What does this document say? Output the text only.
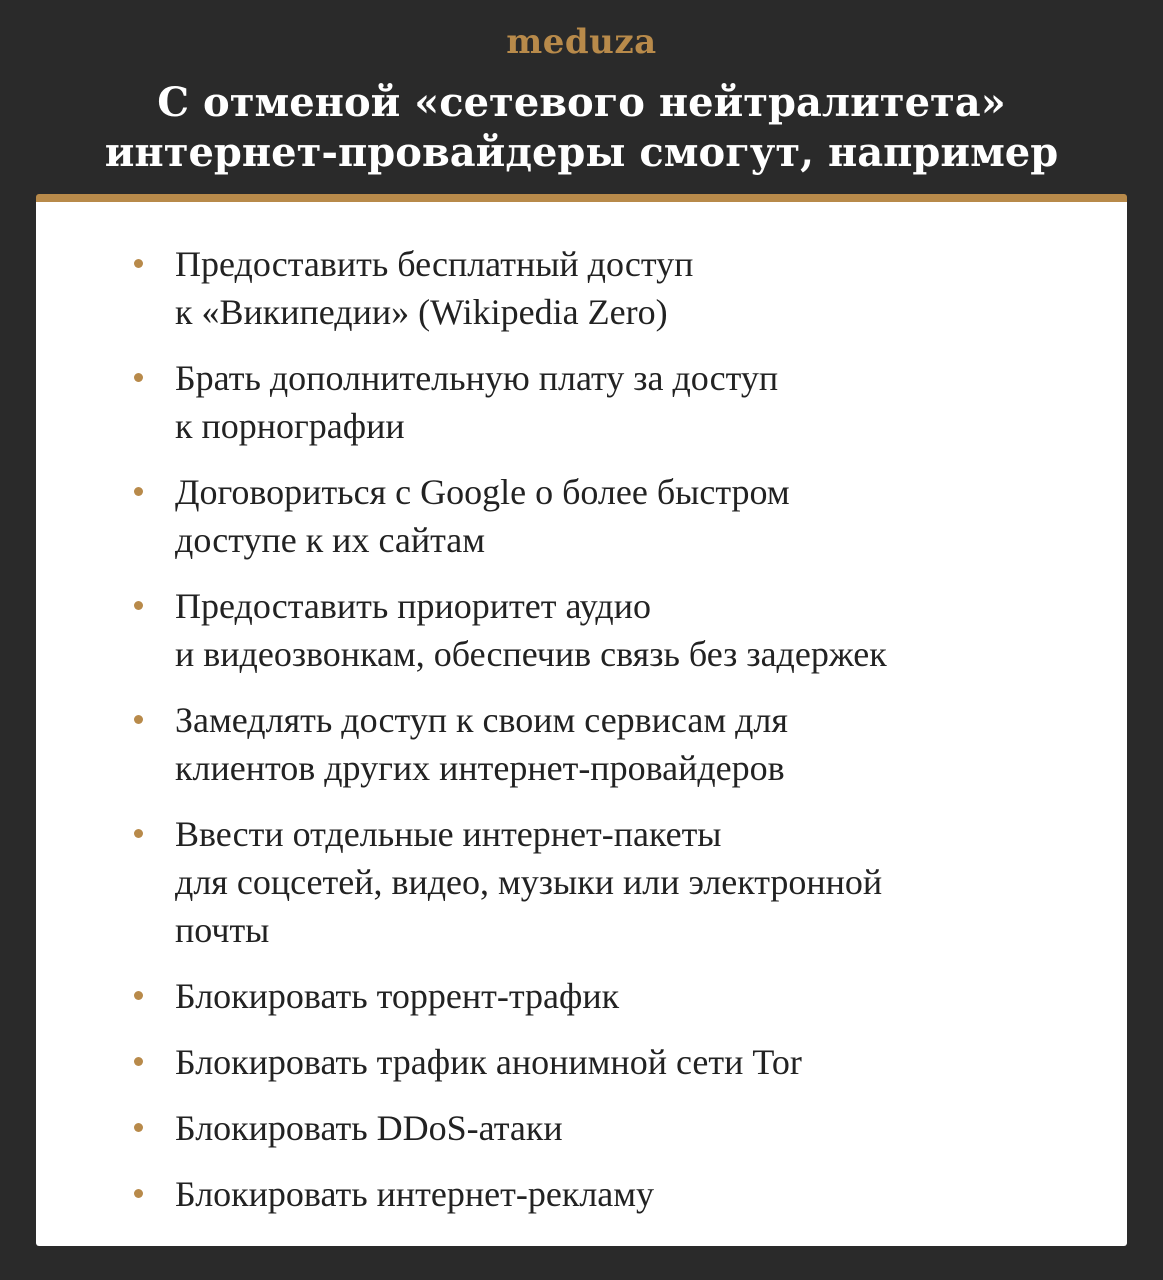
meduza
С отменой «сетевого нейтралитета»
интернет-провайдеры смогут, например
Предоставить бесплатный доступ
к «Википедии» (Wikipedia Zero)
Брать дополнительную плату за доступ
к порнографии
Договориться с Google о более быстром
доступе к их сайтам
Предоставить приоритет аудио
и видеозвонкам, обеспечив связь без задержек
Замедлять доступ к своим сервисам для
клиентов других интернет-провайдеров
Ввести отдельные интернет-пакеты
для соцсетей, видео, музыки или электронной
почты
Блокировать торрент-трафик
Блокировать трафик анонимной сети Tor
Блокировать DDoS-атаки
Блокировать интернет-рекламу
